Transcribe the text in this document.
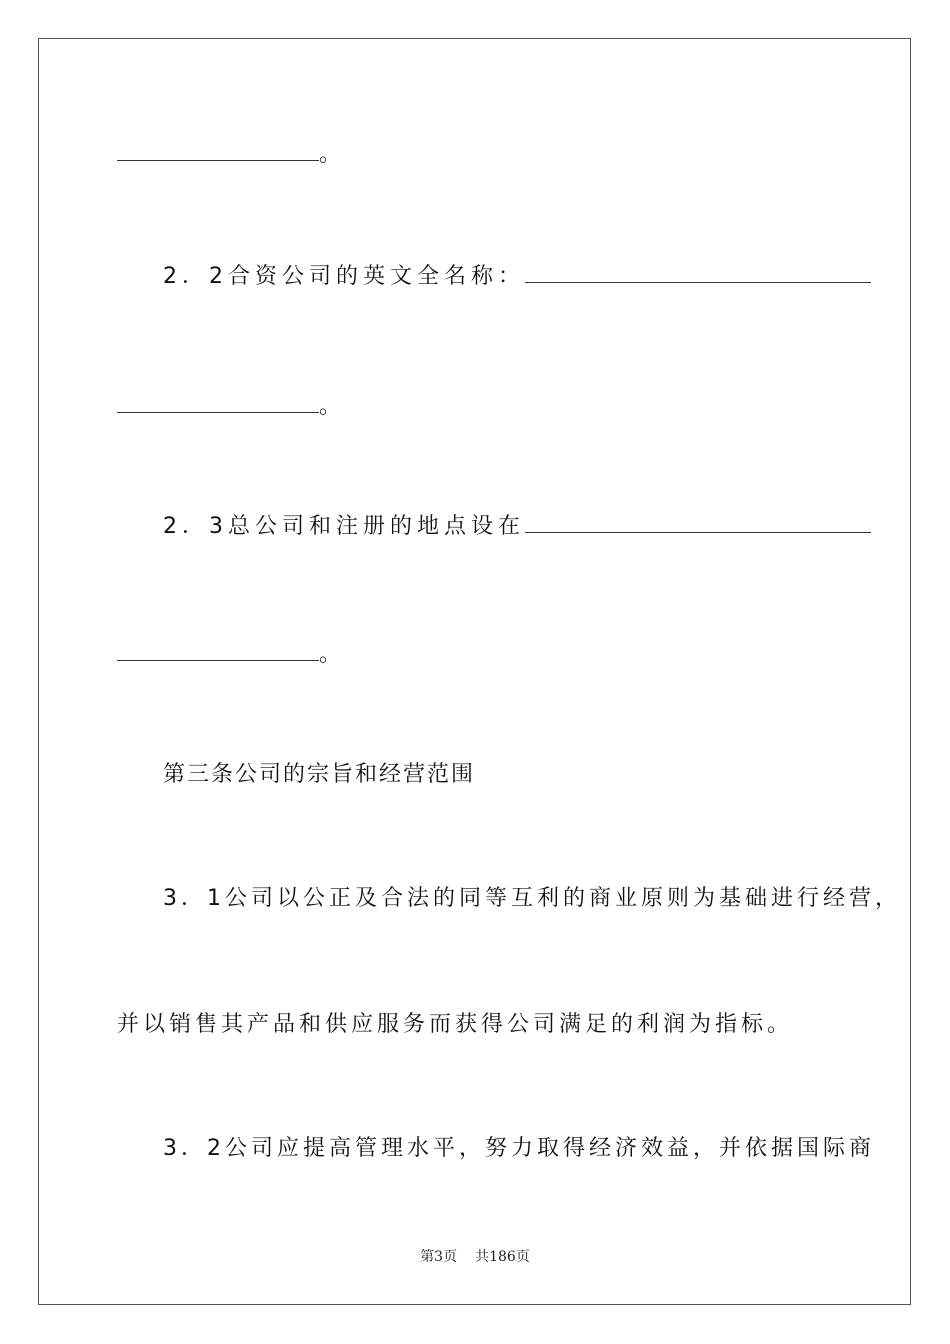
。
2．2合资公司的英文全名称：
。
2．3总公司和注册的地点设在
。
第三条公司的宗旨和经营范围
3．1公司以公正及合法的同等互利的商业原则为基础进行经营，
并以销售其产品和供应服务而获得公司满足的利润为指标。
3．2公司应提高管理水平，努力取得经济效益，并依据国际商
第3页 共186页
